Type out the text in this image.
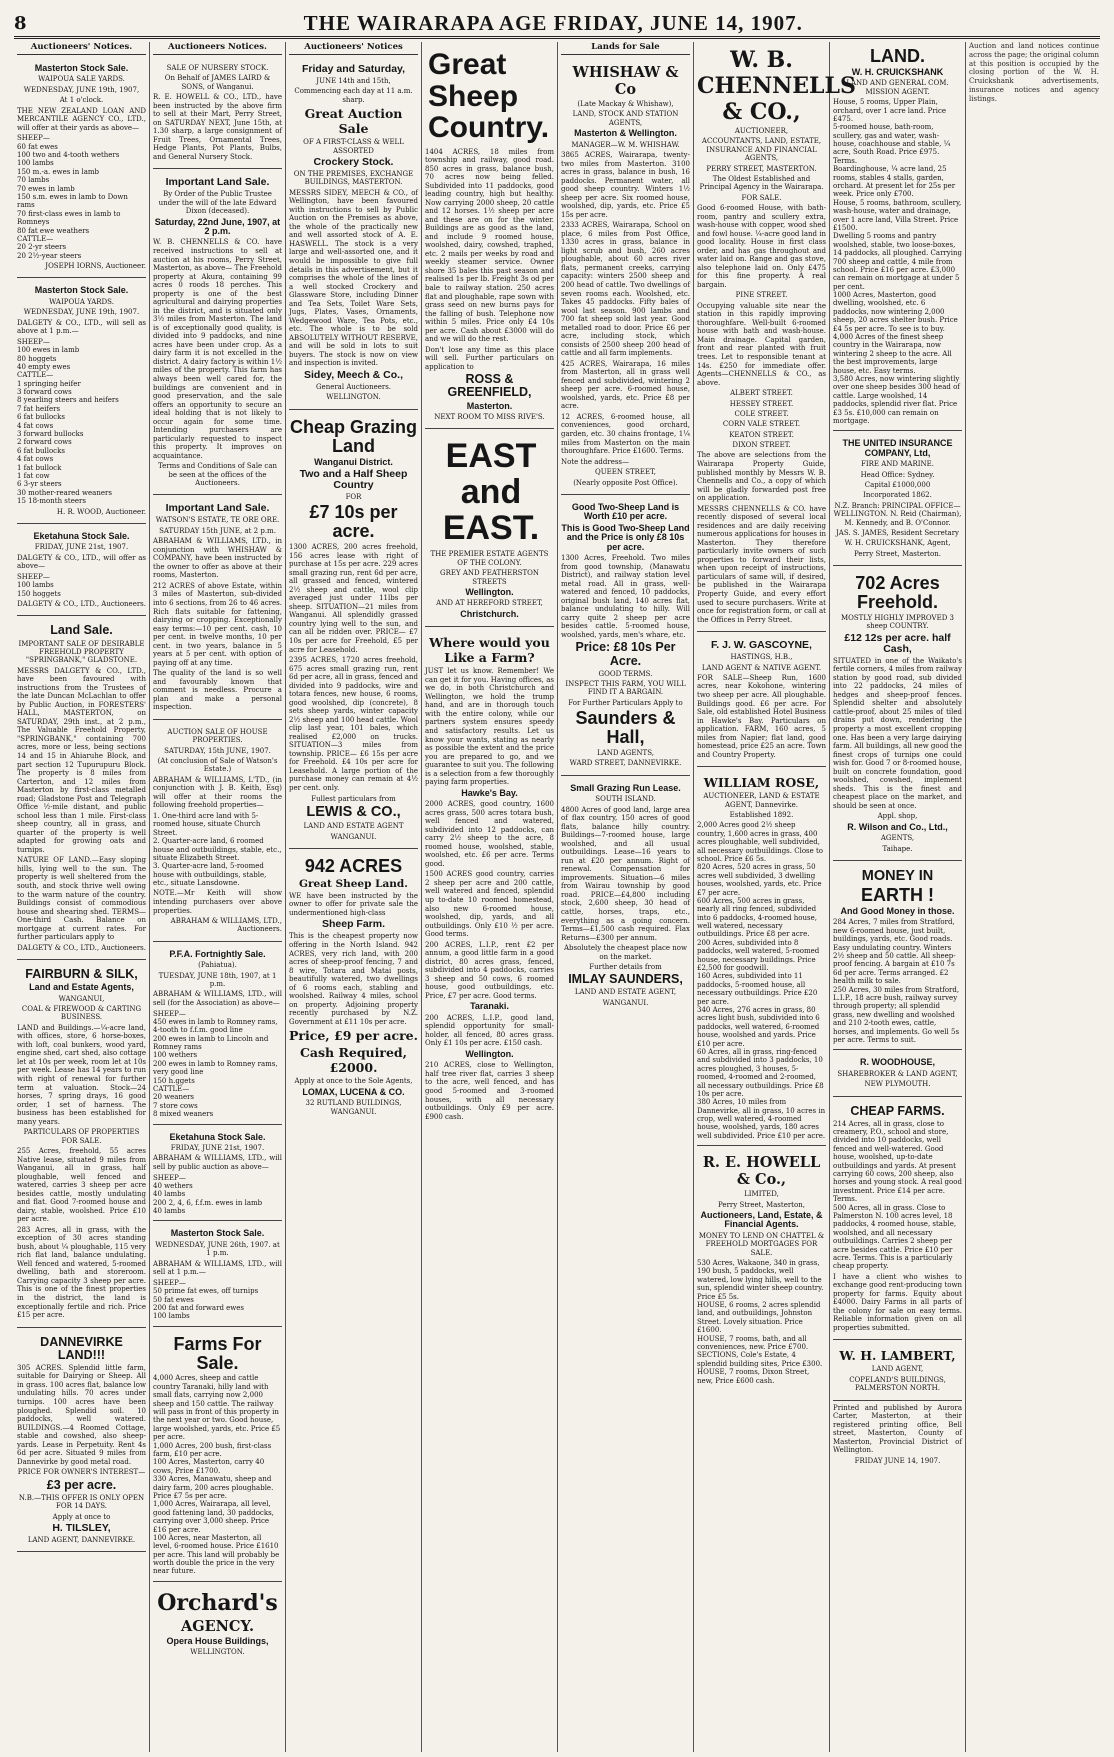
8	THE WAIRARAPA AGE FRIDAY, JUNE 14, 1907.
Auctioneers' Notices.
Masterton Stock Sale.
WAIPOUA SALE YARDS.
WEDNESDAY, JUNE 19th, 1907,
At 1 o'clock.
THE NEW ZEALAND LOAN AND MERCANTILE AGENCY CO., LTD., will offer at their yards as above—
SHEEP—
60 fat ewes
100 two and 4-tooth wethers
100 lambs
150 m.-a. ewes in lamb
70 lambs
70 ewes in lamb
150 s.m. ewes in lamb to Down rams
70 first-class ewes in lamb to Romneys
80 fat ewe weathers
CATTLE—
20 2-yr steers
20 2½-year steers
JOSEPH IORNS, Auctioneer.
Masterton Stock Sale.
WAIPOUA YARDS.
WEDNESDAY, JUNE 19th, 1907.
DALGETY & CO., LTD., will sell as above at 1 p.m.—
SHEEP—
100 ewes in lamb
80 hoggets
40 empty ewes
CATTLE—
1 springing heifer
3 forward cows
8 yearling steers and heifers
7 fat heifers
6 fat bullocks
4 fat cows
3 forward bullocks
2 forward cows
6 fat bullocks
4 fat cows
1 fat bullock
1 fat cow
6 3-yr steers
30 mother-reared weaners
15 18-month steers
H. R. WOOD, Auctioneer.
Eketahuna Stock Sale.
FRIDAY, JUNE 21st, 1907.
DALGETY & CO., LTD., will offer as above—
SHEEP—
100 lambs
150 hoggets
DALGETY & CO., LTD., Auctioneers.
Land Sale.
IMPORTANT SALE OF DESIRABLE FREEHOLD PROPERTY "SPRINGBANK," GLADSTONE.
MESSRS DALGETY & CO., LTD., have been favoured with instructions from the Trustees of the late Duncan McLachlan to offer by Public Auction, in FORESTERS' HALL, MASTERTON, on SATURDAY, 29th inst., at 2 p.m., The Valuable Freehold Property, "SPRINGBANK," containing 700 acres, more or less, being sections 14 and 15 in Ahiaruhe Block, and part section 12 Tupurupuru Block. The property is 8 miles from Carterton, and 12 miles from Masterton by first-class metalled road; Gladstone Post and Telegraph Office ½-mile distant, and public school less than 1 mile. First-class sheep country, all in grass, and quarter of the property is well adapted for growing oats and turnips.
NATURE OF LAND.—Easy sloping hills, lying well to the sun. The property is well sheltered from the south, and stock thrive well owing to the warm nature of the country. Buildings consist of commodious house and shearing shed. TERMS—One-third Cash. Balance on mortgage at current rates. For further particulars apply to
DALGETY & CO., LTD., Auctioneers.
FAIRBURN & SILK,
Land and Estate Agents,
WANGANUI,
COAL & FIREWOOD & CARTING BUSINESS.
LAND and Buildings.—¼-acre land, with offices, store, 6 horse-boxes, with loft, coal bunkers, wood yard, engine shed, cart shed, also cottage let at 10s per week, room let at 10s per week. Lease has 14 years to run with right of renewal for further term at valuation. Stock—24 horses, 7 spring drays, 16 good order, 1 set of harness. The business has been established for many years.
PARTICULARS OF PROPERTIES FOR SALE.
255 Acres, freehold, 55 acres Native lease, situated 9 miles from Wanganui, all in grass, half ploughable, well fenced and watered, carries 3 sheep per acre besides cattle, mostly undulating and flat. Good 7-roomed house and dairy, stable, woolshed. Price £10 per acre.
283 Acres, all in grass, with the exception of 30 acres standing bush, about ¼ ploughable, 115 very rich flat land, balance undulating. Well fenced and watered, 5-roomed dwelling, bath and storeroom. Carrying capacity 3 sheep per acre. This is one of the finest properties in the district, the land is exceptionally fertile and rich. Price £15 per acre.
DANNEVIRKE LAND!!!
305 ACRES. Splendid little farm, suitable for Dairying or Sheep. All in grass. 100 acres flat, balance low undulating hills. 70 acres under turnips. 100 acres have been ploughed. Splendid soil. 10 paddocks, well watered. BUILDINGS.—4 Roomed Cottage, stable and cowshed, also sheep-yards. Lease in Perpetuity. Rent 4s 6d per acre. Situated 9 miles from Dannevirke by good metal road.
PRICE FOR OWNER'S INTEREST—
£3 per acre.
N.B.—THIS OFFER IS ONLY OPEN FOR 14 DAYS.
Apply at once to
H. TILSLEY,
LAND AGENT, DANNEVIRKE.
Auctioneers Notices.
SALE OF NURSERY STOCK.
On Behalf of JAMES LAIRD & SONS, of Wanganui.
R. E. HOWELL & CO., LTD., have been instructed by the above firm to sell at their Mart, Perry Street, on SATURDAY NEXT, June 15th, at 1.30 sharp, a large consignment of Fruit Trees, Ornamental Trees, Hedge Plants, Pot Plants, Bulbs, and General Nursery Stock.
Important Land Sale.
By Order of the Public Trustee under the will of the late Edward Dixon (deceased).
Saturday, 22nd June, 1907, at 2 p.m.
W. B. CHENNELLS & CO. have received instructions to sell at auction at his rooms, Perry Street, Masterton, as above— The Freehold property at Akura, containing 99 acres 0 roods 18 perches. This property is one of the best agricultural and dairying properties in the district, and is situated only 3½ miles from Masterton. The land is of exceptionally good quality, is divided into 9 paddocks, and nine acres have been under crop. As a dairy farm it is not excelled in the district. A dairy factory is within 1½ miles of the property. This farm has always been well cared for, the buildings are convenient and in good preservation, and the sale offers an opportunity to secure an ideal holding that is not likely to occur again for some time. Intending purchasers are particularly requested to inspect this property. It improves on acquaintance.
Terms and Conditions of Sale can be seen at the offices of the Auctioneers.
Important Land Sale.
WATSON'S ESTATE, TE ORE ORE.
SATURDAY 15th JUNE, at 2 p.m.
ABRAHAM & WILLIAMS, LTD., in conjunction with WHISHAW & COMPANY, have been instructed by the owner to offer as above at their rooms, Masterton.
212 ACRES of above Estate, within 3 miles of Masterton, sub-divided into 6 sections, from 26 to 46 acres. Rich flats suitable for fattening, dairying or cropping. Exceptionally easy terms:—10 per cent. cash, 10 per cent. in twelve months, 10 per cent. in two years, balance in 5 years at 5 per cent. with option of paying off at any time.
The quality of the land is so well and favourably known that comment is needless. Procure a plan and make a personal inspection.
AUCTION SALE OF HOUSE PROPERTIES.
SATURDAY, 15th JUNE, 1907.
(At conclusion of Sale of Watson's Estate.)
ABRAHAM & WILLIAMS, L'TD., (in conjunction with J. B. Keith, Esq) will offer at their rooms the following freehold properties—
1. One-third acre land with 5-roomed house, situate Church Street.
2. Quarter-acre land, 6 roomed house and outbuildings, stable, etc., situate Elizabeth Street.
3. Quarter-acre land, 5-roomed house with outbuildings, stable, etc., situate Lansdowne.
NOTE.—Mr Keith will show intending purchasers over above properties.
ABRAHAM & WILLIAMS, LTD., Auctioneers.
P.F.A. Fortnightly Sale.
(Pahiatua).
TUESDAY, JUNE 18th, 1907, at 1 p.m.
ABRAHAM & WILLIAMS, LTD., will sell (for the Association) as above—
SHEEP—
450 ewes in lamb to Romney rams, 4-tooth to f.f.m. good line
200 ewes in lamb to Lincoln and Romney rams
100 wethers
200 ewes in lamb to Romney rams, very good line
150 h.ggets
CATTLE—
20 weaners
7 store cows
8 mixed weaners
Eketahuna Stock Sale.
FRIDAY, JUNE 21st, 1907.
ABRAHAM & WILLIAMS, LTD., will sell by public auction as above—
SHEEP—
40 wethers
40 lambs
200 2, 4, 6, f.f.m. ewes in lamb
40 lambs
Masterton Stock Sale.
WEDNESDAY, JUNE 26th, 1907. at 1 p.m.
ABRAHAM & WILLIAMS, LTD., will sell at 1 p.m.—
SHEEP—
50 prime fat ewes, off turnips
50 fat ewes
200 fat and forward ewes
100 lambs
Farms For Sale.
4,000 Acres, sheep and cattle country Taranaki, hilly land with small flats, carrying now 2,000 sheep and 150 cattle. The railway will pass in front of this property in the next year or two. Good house, large woolshed, yards, etc. Price £5 per acre.
1,000 Acres, 200 bush, first-class farm, £10 per acre.
100 Acres, Masterton, carry 40 cows, Price £1700.
330 Acres, Manawatu, sheep and dairy farm, 200 acres ploughable. Price £7 5s per acre.
1,000 Acres, Wairarapa, all level, good fattening land, 30 paddocks, carrying over 3,000 sheep. Price £16 per acre.
100 Acres, near Masterton, all level, 6-roomed house. Price £1610 per acre. This land will probably be worth double the price in the very near future.
Orchard's
AGENCY.
Opera House Buildings,
WELLINGTON.
Auctioneers' Notices
Friday and Saturday,
JUNE 14th and 15th,
Commencing each day at 11 a.m. sharp.
Great Auction Sale
OF A FIRST-CLASS & WELL ASSORTED
Crockery Stock.
ON THE PREMISES, EXCHANGE BUILDINGS, MASTERTON.
MESSRS SIDEY, MEECH & CO., of Wellington, have been favoured with instructions to sell by Public Auction on the Premises as above, the whole of the practically new and well assorted stock of A. E. HASWELL. The stock is a very large and well-assorted one, and it would be impossible to give full details in this advertisement, but it comprises the whole of the lines of a well stocked Crockery and Glassware Store, including Dinner and Tea Sets, Toilet Ware Sets, Jugs, Plates, Vases, Ornaments, Wedgewood Ware, Tea Pots, etc., etc. The whole is to be sold ABSOLUTELY WITHOUT RESERVE, and will be sold in lots to suit buyers. The stock is now on view and inspection is invited.
Sidey, Meech & Co.,
General Auctioneers.
WELLINGTON.
Cheap Grazing Land
Wanganui District.
Two and a Half Sheep Country
FOR
£7 10s per acre.
1300 ACRES, 200 acres freehold, 156 acres lease with right of purchase at 15s per acre. 229 acres small grazing run, rent 6d per acre, all grassed and fenced, wintered 2½ sheep and cattle, wool clip averaged just under 11lbs per sheep. SITUATION—21 miles from Wanganui. All splendidly grassed country lying well to the sun, and can all be ridden over. PRICE— £7 10s per acre for Freehold, £5 per acre for Leasehold.
2395 ACRES, 1720 acres freehold, 675 acres small grazing run, rent 6d per acre, all in grass, fenced and divided into 9 paddocks, wire and totara fences, new house, 6 rooms, good woolshed, dip (concrete), 8 sets sheep yards, winter capacity 2½ sheep and 100 head cattle. Wool clip last year, 101 bales, which realised £2,000 on trucks. SITUATION—3 miles from township. PRICE— £6 15s per acre for Freehold. £4 10s per acre for Leasehold. A large portion of the purchase money can remain at 4½ per cent. only.
Fullest particulars from
LEWIS & CO.,
LAND AND ESTATE AGENT
WANGANUI.
942 ACRES
Great Sheep Land.
WE have been instructed by the owner to offer for private sale the undermentioned high-class
Sheep Farm.
This is the cheapest property now offering in the North Island. 942 ACRES, very rich land, with 200 acres of sheep-proof fencing, 7 and 8 wire, Totara and Matai posts, beautifully watered, two dwellings of 6 rooms each, stabling and woolshed. Railway 4 miles, school on property. Adjoining property recently purchased by N.Z. Government at £11 10s per acre.
Price, £9 per acre.
Cash Required, £2000.
Apply at once to the Sole Agents,
LOMAX, LUCENA & CO.
32 RUTLAND BUILDINGS, WANGANUI.
Great Sheep Country.
1404 ACRES, 18 miles from township and railway, good road. 850 acres in grass, balance bush, 70 acres now being felled. Subdivided into 11 paddocks, good leading country, high but healthy. Now carrying 2000 sheep, 20 cattle and 12 horses. 1½ sheep per acre and these are on for the winter. Buildings are as good as the land, and include 9 roomed house, woolshed, dairy, cowshed, traphed, etc. 2 mails per weeks by road and weekly steamer service. Owner shore 35 bales this past season and realised 1s per lb. Freight 3s od per bale to railway station. 250 acres flat and ploughable, rape sown with grass seed on new burns pays for the falling of bush. Telephone now within 5 miles. Price only £4 10s per acre. Cash about £3000 will do and we will do the rest.
Don't lose any time as this place will sell. Further particulars on application to
ROSS & GREENFIELD,
Masterton.
NEXT ROOM TO MISS RIVE'S.
EAST and EAST.
THE PREMIER ESTATE AGENTS OF THE COLONY.
GREY AND FEATHERSTON STREETS
Wellington.
AND AT HEREFORD STREET,
Christchurch.
Where would you Like a Farm?
JUST let us know. Remember! We can get it for you. Having offices, as we do, in both Christchurch and Wellington, we hold the trump hand, and are in thorough touch with the entire colony, while our partners system ensures speedy and satisfactory results. Let us know your wants, stating as nearly as possible the extent and the price you are prepared to go, and we guarantee to suit you. The following is a selection from a few thoroughly paying farm properties.
Hawke's Bay.
2000 ACRES, good country, 1600 acres grass, 500 acres totara bush, well fenced and watered, subdivided into 12 paddocks, can carry 2½ sheep to the acre, 8 roomed house, woolshed, stable, woolshed, etc. £6 per acre. Terms good.
1500 ACRES good country, carries 2 sheep per acre and 200 cattle, well watered and fenced, splendid up to-date 10 roomed homestead, also new 6-roomed house, woolshed, dip, yards, and all outbuildings. Only £10 ½ per acre. Good terms.
200 ACRES, L.I.P., rent £2 per annum, a good little farm in a good district, 80 acres grass, fenced, subdivided into 4 paddocks, carries 3 sheep and 50 cows, 6 roomed house, good outbuildings, etc. Price, £7 per acre. Good terms.
Taranaki.
200 ACRES, L.I.P., good land, splendid opportunity for small-holder, all fenced, 80 acres grass. Only £1 10s per acre. £150 cash.
Wellington.
210 ACRES, close to Wellington, half tree river flat, carries 3 sheep to the acre, well fenced, and has good 5-roomed and 3-roomed houses, with all necessary outbuildings. Only £9 per acre. £900 cash.
Lands for Sale
WHISHAW & Co
(Late Mackay & Whishaw),
LAND, STOCK AND STATION AGENTS,
Masterton & Wellington.
MANAGER—W. M. WHISHAW.
3865 ACRES, Wairarapa, twenty-two miles from Masterton. 3100 acres in grass, balance in bush, 16 paddocks. Permanent water, all good sheep country. Winters 1½ sheep per acre. Six roomed house, woolshed, dip, yards, etc. Price £5 15s per acre.
2333 ACRES, Wairarapa, School on place, 6 miles from Post Office, 1330 acres in grass, balance in light scrub and bush, 260 acres ploughable, about 60 acres river flats, permanent creeks, carrying capacity: winters 2500 sheep and 200 head of cattle. Two dwellings of seven rooms each. Woolshed, etc. Takes 45 paddocks. Fifty bales of wool last season. 900 lambs and 700 fat sheep sold last year. Good metalled road to door. Price £6 per acre, including stock, which consists of 2500 sheep 200 head of cattle and all farm implements.
425 ACRES, Wairarapa, 16 miles from Masterton, all in grass well fenced and subdivided, wintering 2 sheep per acre. 6-roomed house, woolshed, yards, etc. Price £8 per acre.
12 ACRES, 6-roomed house, all conveniences, good orchard, garden, etc. 30 chains frontage, 1¼ miles from Masterton on the main thoroughfare. Price £1600. Terms.
Note the address—
QUEEN STREET,
(Nearly opposite Post Office).
Good Two-Sheep Land is Worth £10 per acre.
This is Good Two-Sheep Land and the Price is only £8 10s per acre.
1300 Acres, Freehold. Two miles from good township, (Manawatu District), and railway station level metal road. All in grass, well-watered and fenced, 10 paddocks, original bush land, 140 acres flat, balance undulating to hilly. Will carry quite 2 sheep per acre besides cattle. 5-roomed house, woolshed, yards, men's whare, etc.
Price: £8 10s Per Acre.
GOOD TERMS.
INSPECT THIS FARM, YOU WILL FIND IT A BARGAIN.
For Further Particulars Apply to
Saunders & Hall,
LAND AGENTS,
WARD STREET, DANNEVIRKE.
Small Grazing Run Lease.
SOUTH ISLAND.
4800 Acres of good land, large area of flax country, 150 acres of good flats, balance hilly country. Buildings—7-roomed house, large woolshed, and all usual outbuildings. Lease—16 years to run at £20 per annum. Right of renewal. Compensation for improvements. Situation—6 miles from Wairau township by good road. PRICE—£4,800 including stock, 2,600 sheep, 30 head of cattle, horses, traps, etc., everything as a going concern. Terms—£1,500 cash required. Flax Returns—£300 per annum.
Absolutely the cheapest place now on the market.
Further details from
IMLAY SAUNDERS,
LAND AND ESTATE AGENT,
WANGANUI.
W. B. CHENNELLS & CO.,
AUCTIONEER,
ACCOUNTANTS, LAND, ESTATE, INSURANCE AND FINANCIAL AGENTS,
PERRY STREET, MASTERTON.
The Oldest Established and Principal Agency in the Wairarapa.
FOR SALE.
Good 6-roomed House, with bath-room, pantry and scullery extra, wash-house with copper, wood shed and fowl house. ¼-acre good land in good locality. House in first class order, and has gas throughout and water laid on. Range and gas stove, also telephone laid on. Only £475 for this fine property. A real bargain.
PINE STREET.
Occupying valuable site near the station in this rapidly improving thoroughfare. Well-built 6-roomed house with bath and wash-house. Main drainage. Capital garden, front and rear planted with fruit trees. Let to responsible tenant at 14s. £250 for immediate offer. Agents—CHENNELLS & CO., as above.
ALBERT STREET.
HESSEY STREET.
COLE STREET.
CORN VALE STREET.
KEATON STREET.
DIXON STREET.
The above are selections from the Wairarapa Property Guide, published monthly by Messrs W. B. Chennells and Co., a copy of which will be gladly forwarded post free on application.
MESSRS CHENNELLS & CO. have recently disposed of several local residences and are daily receiving numerous applications for houses in Masterton. They therefore particularly invite owners of such properties to forward their lists, when upon receipt of instructions, particulars of same will, if desired, be published in the Wairarapa Property Guide, and every effort used to secure purchasers. Write at once for registration form, or call at the Offices in Perry Street.
F. J. W. GASCOYNE,
HASTINGS, H.B.,
LAND AGENT & NATIVE AGENT.
FOR SALE—Sheep Run, 1600 acres, near Kokohone, wintering two sheep per acre. All ploughable. Buildings good. £6 per acre. For Sale, old established Hotel Business in Hawke's Bay. Particulars on application. FARM, 160 acres, 5 miles from Napier; flat land, good homestead, price £25 an acre. Town and Country Property.
WILLIAM ROSE,
AUCTIONEER, LAND & ESTATE AGENT, Dannevirke.
Established 1892.
2,000 Acres good 2½ sheep country, 1,600 acres in grass, 400 acres ploughable, well subdivided, all necessary outbuildings. Close to school. Price £6 5s.
820 Acres, 520 acres in grass, 50 acres well subdivided, 3 dwelling houses, woolshed, yards, etc. Price £7 per acre.
600 Acres, 500 acres in grass, nearly all ring fenced, subdivided into 6 paddocks, 4-roomed house, well watered, necessary outbuildings. Price £8 per acre.
200 Acres, subdivided into 8 paddocks, well watered, 5-roomed house, necessary buildings. Price £2,500 for goodwill.
160 Acres, subdivided into 11 paddocks, 5-roomed house, all necessary outbuildings. Price £20 per acre.
340 Acres, 276 acres in grass, 80 acres light bush, subdivided into 6 paddocks, well watered, 6-roomed house, woolshed and yards. Price £10 per acre.
60 Acres, all in grass, ring-fenced and subdivided into 3 paddocks, 10 acres ploughed, 3 houses, 5-roomed, 4-roomed and 2-roomed, all necessary outbuildings. Price £8 10s per acre.
380 Acres, 10 miles from Dannevirke, all in grass, 10 acres in crop, well watered, 4-roomed house, woolshed, yards, 180 acres well subdivided. Price £10 per acre.
R. E. HOWELL & Co.,
LIMITED,
Perry Street, Masterton,
Auctioneers, Land, Estate, & Financial Agents.
MONEY TO LEND ON CHATTEL & FREEHOLD MORTGAGES FOR SALE.
530 Acres, Wakaone, 340 in grass, 190 bush, 5 paddocks, well watered, low lying hills, well to the sun, splendid winter sheep country. Price £5 5s.
HOUSE, 6 rooms, 2 acres splendid land, and outbuildings, Johnston Street. Lovely situation. Price £1600.
HOUSE, 7 rooms, bath, and all conveniences, new. Price £700.
SECTIONS, Cole's Estate, 4 splendid building sites, Price £300.
HOUSE, 7 rooms, Dixon Street, new, Price £600 cash.
LAND.
W. H. CRUICKSHANK
LAND AND GENERAL COM. MISSION AGENT.
House, 5 rooms, Upper Plain, orchard, over 1 acre land. Price £475.
5-roomed house, bath-room, scullery, gas and water, wash-house, coachhouse and stable, ¼ acre, South Road. Price £975. Terms.
Boardinghouse, ¼ acre land, 25 rooms, stables 4 stalls, garden, orchard. At present let for 25s per week. Price only £700.
House, 5 rooms, bathroom, scullery, wash-house, water and drainage, over 1 acre land, Villa Street. Price £1500.
Dwelling 5 rooms and pantry woolshed, stable, two loose-boxes, 14 paddocks, all ploughed. Carrying 700 sheep and cattle, 4 mile from school. Price £16 per acre. £3,000 can remain on mortgage at under 5 per cent.
1000 Acres, Masterton, good dwelling, woolshed, etc. 6 paddocks, now wintering 2,000 sheep, 20 acres shelter bush. Price £4 5s per acre. To see is to buy.
4,000 Acres of the finest sheep country in the Wairarapa, now wintering 2 sheep to the acre. All the best improvements, large house, etc. Easy terms.
3,580 Acres, now wintering slightly over one sheep besides 300 head of cattle. Large woolshed, 14 paddocks, splendid river flat. Price £3 5s. £10,000 can remain on mortgage.
THE UNITED INSURANCE COMPANY, Ltd,
FIRE AND MARINE.
Head Office: Sydney.
Capital £1000,000
Incorporated 1862.
N.Z. Branch: PRINCIPAL OFFICE—WELLINGTON. N. Reid (Chairman), M. Kennedy, and B. O'Connor.
JAS. S. JAMES, Resident Secretary
W. H. CRUICKSHANK, Agent,
Perry Street, Masterton.
702 Acres Freehold.
MOSTLY HIGHLY IMPROVED 3 sheep COUNTRY.
£12 12s per acre. half Cash,
SITUATED in one of the Waikato's fertile corners, 4 miles from railway station by good road, sub divided into 22 paddocks, 24 miles of hedges and sheep-proof fences. Splendid shelter and absolutely cattle-proof, about 25 miles of tiled drains put down, rendering the property a most excellent cropping one. Has been a very large dairying farm. All buildings, all new good the finest crops of turnips one could wish for. Good 7 or 8-roomed house, built on concrete foundation, good woolshed, cowshed, implement sheds. This is the finest and cheapest place on the market, and should be seen at once.
Appl. shop,
R. Wilson and Co., Ltd.,
AGENTS,
Taihape.
MONEY IN
EARTH !
And Good Money in those.
284 Acres, 7 miles from Stratford, new 6-roomed house, just built, buildings, yards, etc. Good roads. Easy undulating country. Winters 2½ sheep and 50 cattle. All sheep-proof fencing. A bargain at £10 7s 6d per acre. Terms arranged. £2 health milk to sale.
250 Acres, 30 miles from Stratford, L.I.P., 18 acre bush, railway survey through property; all splendid grass, new dwelling and woolshed and 210 2-tooth ewes, cattle, horses, and implements. Go well 5s per acre. Terms to suit.
R. WOODHOUSE,
SHAREBROKER & LAND AGENT,
NEW PLYMOUTH.
CHEAP FARMS.
214 Acres, all in grass, close to creamery, P.O., school and store, divided into 10 paddocks, well fenced and well-watered. Good house, woolshed, up-to-date outbuildings and yards. At present carrying 60 cows, 200 sheep, also horses and young stock. A real good investment. Price £14 per acre. Terms.
500 Acres, all in grass. Close to Palmerston N. 100 acres level, 18 paddocks, 4 roomed house, stable, woolshed, and all necessary outbuildings. Carries 2 sheep per acre besides cattle. Price £10 per acre. Terms. This is a particularly cheap property.
I have a client who wishes to exchange good rent-producing town property for farms. Equity about £4000. Dairy Farms in all parts of the colony for sale on easy terms. Reliable information given on all properties submitted.
W. H. LAMBERT,
LAND AGENT,
COPELAND'S BUILDINGS, PALMERSTON NORTH.
Printed and published by Aurora Carter, Masterton, at their registered printing office, Bell street, Masterton, County of Masterton, Provincial District of Wellington.
FRIDAY JUNE 14, 1907.
Auction and land notices continue across the page; the original column at this position is occupied by the closing portion of the W. H. Cruickshank advertisements, insurance notices and agency listings.
